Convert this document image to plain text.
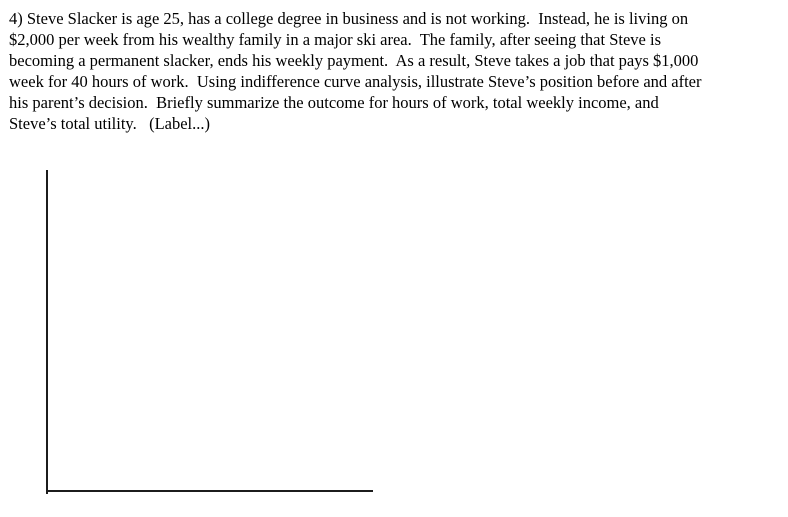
4) Steve Slacker is age 25, has a college degree in business and is not working.  Instead, he is living on
$2,000 per week from his wealthy family in a major ski area.  The family, after seeing that Steve is
becoming a permanent slacker, ends his weekly payment.  As a result, Steve takes a job that pays $1,000
week for 40 hours of work.  Using indifference curve analysis, illustrate Steve’s position before and after
his parent’s decision.  Briefly summarize the outcome for hours of work, total weekly income, and
Steve’s total utility.   (Label...)
